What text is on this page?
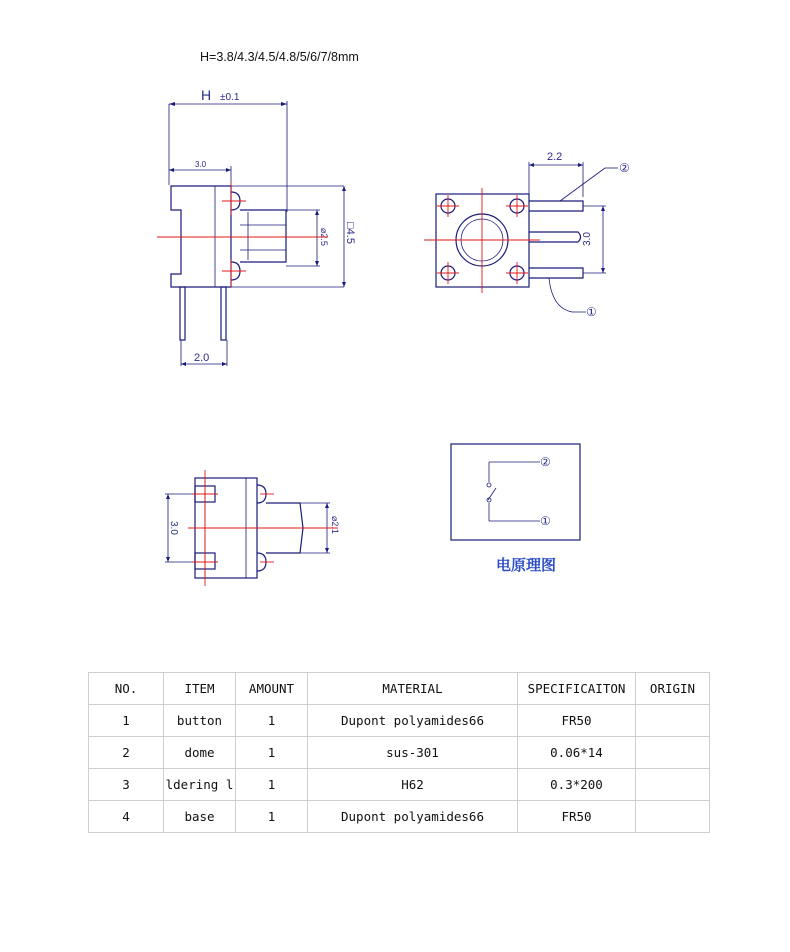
H=3.8/4.3/4.5/4.8/5/6/7/8mm
H ±0.1
3.0
⌀2.5 □4.5
2.0
2.2
3.0
②
①
⌀2.1
3.0
②
①
电原理图
NO.	ITEM	AMOUNT	MATERIAL	SPECIFICAITON	ORIGIN
1	button	1	Dupont polyamides66	FR50	
2	dome	1	sus-301	0.06*14	
3	ldering l	1	H62	0.3*200	
4	base	1	Dupont polyamides66	FR50	
